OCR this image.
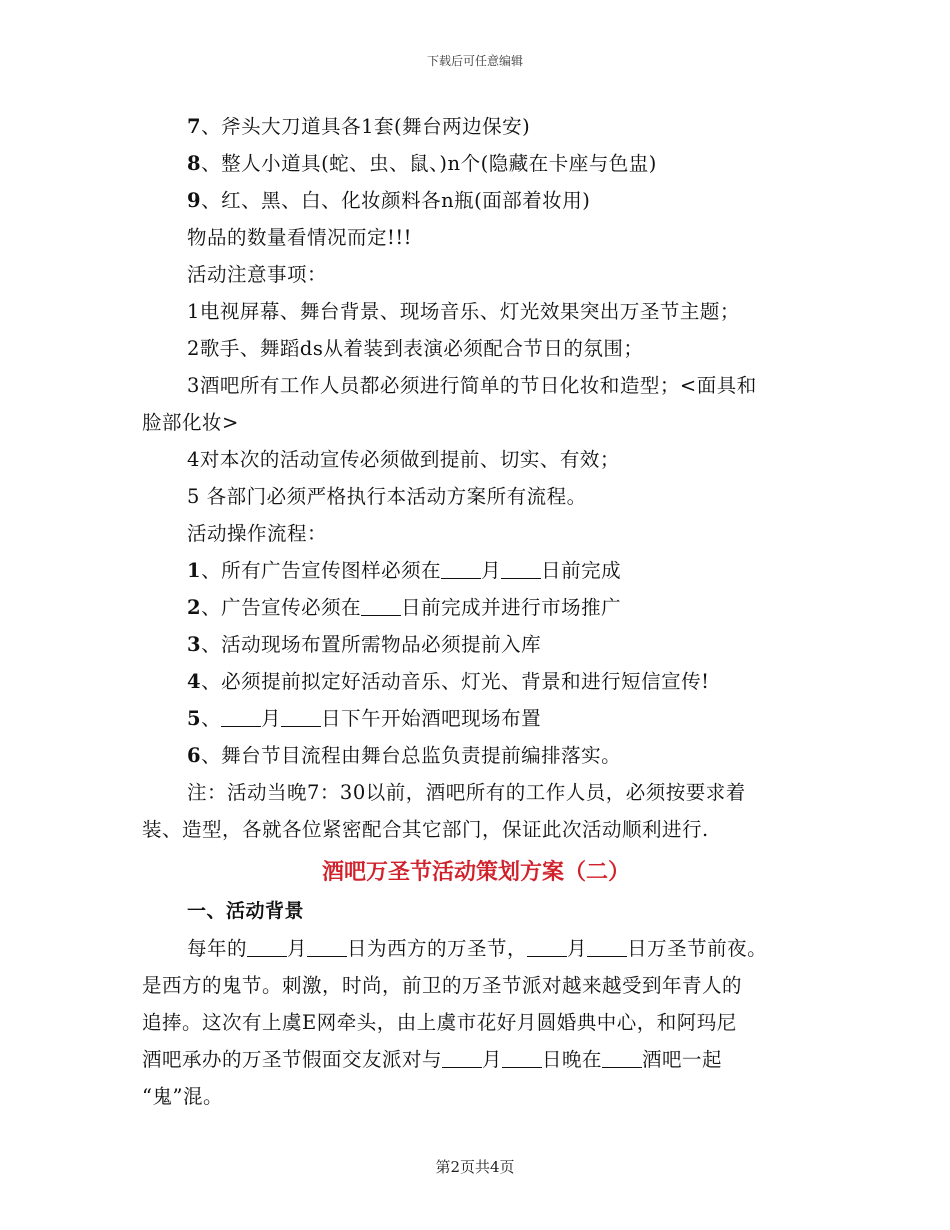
下载后可任意编辑
7、斧头大刀道具各1套(舞台两边保安)
8、整人小道具(蛇、虫、鼠、)n个(隐藏在卡座与色盅)
9、红、黑、白、化妆颜料各n瓶(面部着妆用)
物品的数量看情况而定!!!
活动注意事项：
1电视屏幕、舞台背景、现场音乐、灯光效果突出万圣节主题；
2歌手、舞蹈ds从着装到表演必须配合节日的氛围；
3酒吧所有工作人员都必须进行简单的节日化妆和造型；<面具和
脸部化妆>
4对本次的活动宣传必须做到提前、切实、有效；
5 各部门必须严格执行本活动方案所有流程。
活动操作流程：
1、所有广告宣传图样必须在 月 日前完成
2、广告宣传必须在 日前完成并进行市场推广
3、活动现场布置所需物品必须提前入库
4、必须提前拟定好活动音乐、灯光、背景和进行短信宣传!
5、 月 日下午开始酒吧现场布置
6、舞台节目流程由舞台总监负责提前编排落实。
注：活动当晚7：30以前，酒吧所有的工作人员，必须按要求着
装、造型，各就各位紧密配合其它部门，保证此次活动顺利进行.
酒吧万圣节活动策划方案（二）
一、活动背景
每年的 月 日为西方的万圣节， 月 日万圣节前夜。
是西方的鬼节。刺激，时尚，前卫的万圣节派对越来越受到年青人的
追捧。这次有上虞E网牵头，由上虞市花好月圆婚典中心，和阿玛尼
酒吧承办的万圣节假面交友派对与 月 日晚在 酒吧一起
“鬼”混。
第2页共4页
